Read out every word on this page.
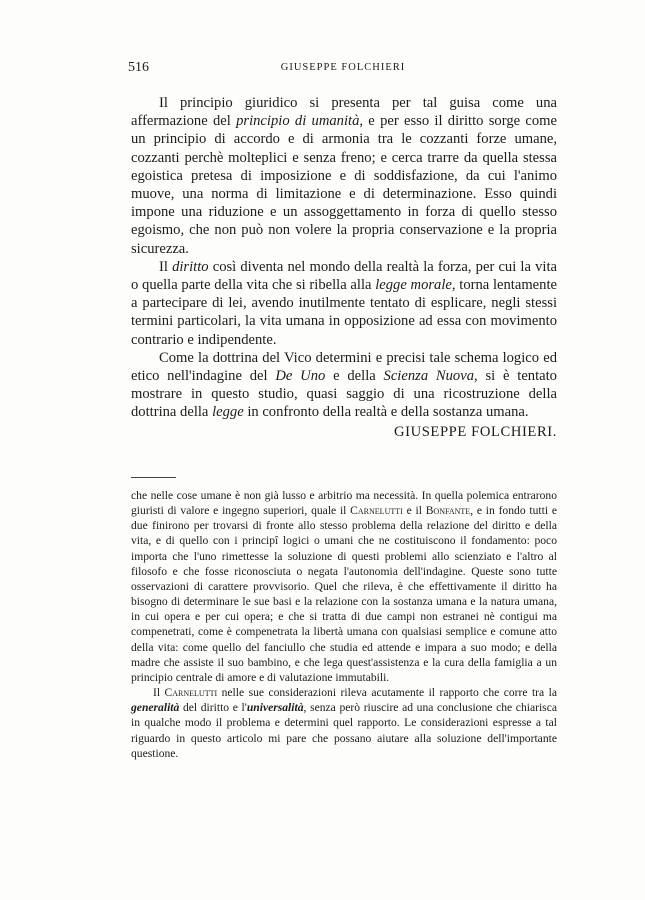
516	GIUSEPPE FOLCHIERI

Il principio giuridico si presenta per tal guisa come una affermazione del principio di umanità, e per esso il diritto sorge come un principio di accordo e di armonia tra le cozzanti forze umane, cozzanti perchè molteplici e senza freno; e cerca trarre da quella stessa egoistica pretesa di imposizione e di soddisfazione, da cui l'animo muove, una norma di limitazione e di determinazione. Esso quindi impone una riduzione e un assoggettamento in forza di quello stesso egoismo, che non può non volere la propria conservazione e la propria sicurezza.

Il diritto così diventa nel mondo della realtà la forza, per cui la vita o quella parte della vita che si ribella alla legge morale, torna lentamente a partecipare di lei, avendo inutilmente tentato di esplicare, negli stessi termini particolari, la vita umana in opposizione ad essa con movimento contrario e indipendente.

Come la dottrina del Vico determini e precisi tale schema logico ed etico nell'indagine del De Uno e della Scienza Nuova, si è tentato mostrare in questo studio, quasi saggio di una ricostruzione della dottrina della legge in confronto della realtà e della sostanza umana.

GIUSEPPE FOLCHIERI.

che nelle cose umane è non già lusso e arbitrio ma necessità. In quella polemica entrarono giuristi di valore e ingegno superiori, quale il Carnelutti e il Bonfante, e in fondo tutti e due finirono per trovarsi di fronte allo stesso problema della relazione del diritto e della vita, e di quello con i principî logici o umani che ne costituiscono il fondamento: poco importa che l'uno rimettesse la soluzione di questi problemi allo scienziato e l'altro al filosofo e che fosse riconosciuta o negata l'autonomia dell'indagine. Queste sono tutte osservazioni di carattere provvisorio. Quel che rileva, è che effettivamente il diritto ha bisogno di determinare le sue basi e la relazione con la sostanza umana e la natura umana, in cui opera e per cui opera; e che si tratta di due campi non estranei nè contigui ma compenetrati, come è compenetrata la libertà umana con qualsiasi semplice e comune atto della vita: come quello del fanciullo che studia ed attende e impara a suo modo; e della madre che assiste il suo bambino, e che lega quest'assistenza e la cura della famiglia a un principio centrale di amore e di valutazione immutabili.

Il Carnelutti nelle sue considerazioni rileva acutamente il rapporto che corre tra la generalità del diritto e l'universalità, senza però riuscire ad una conclusione che chiarisca in qualche modo il problema e determini quel rapporto. Le considerazioni espresse a tal riguardo in questo articolo mi pare che possano aiutare alla soluzione dell'importante questione.
